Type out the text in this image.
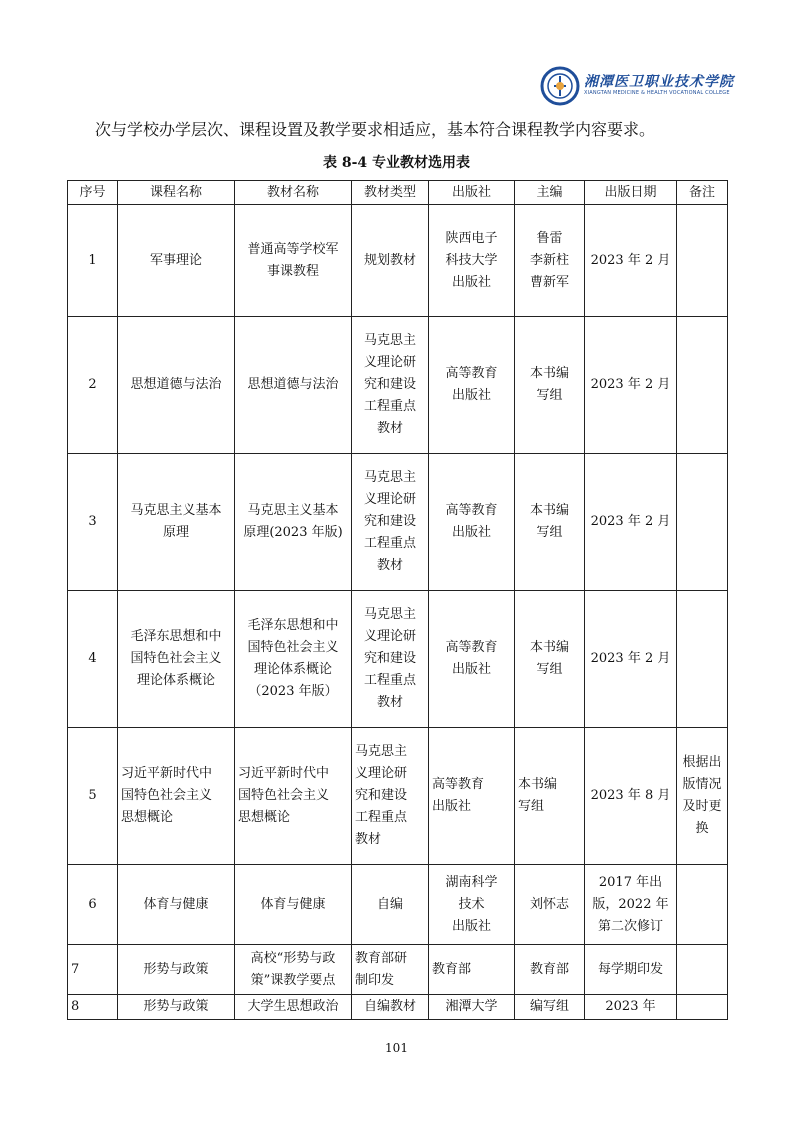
湘潭医卫职业技术学院
XIANGTAN MEDICINE & HEALTH VOCATIONAL COLLEGE
次与学校办学层次、课程设置及教学要求相适应，基本符合课程教学内容要求。
表 8-4 专业教材选用表
序号	课程名称	教材名称	教材类型	出版社	主编	出版日期	备注
1	军事理论	普通高等学校军
事课教程	规划教材	陕西电子
科技大学
出版社	鲁雷
李新柱
曹新军	2023 年 2 月	

2	思想道德与法治	思想道德与法治	马克思主
义理论研
究和建设
工程重点
教材	高等教育
出版社	本书编
写组	2023 年 2 月	

3	马克思主义基本
原理	马克思主义基本
原理(2023 年版)	马克思主
义理论研
究和建设
工程重点
教材	高等教育
出版社	本书编
写组	2023 年 2 月	

4	毛泽东思想和中
国特色社会主义
理论体系概论	毛泽东思想和中
国特色社会主义
理论体系概论
（2023 年版）	马克思主
义理论研
究和建设
工程重点
教材	高等教育
出版社	本书编
写组	2023 年 2 月	

5	习近平新时代中
国特色社会主义
思想概论	习近平新时代中
国特色社会主义
思想概论	马克思主
义理论研
究和建设
工程重点
教材	高等教育
出版社	本书编
写组	2023 年 8 月	根据出
版情况
及时更
换

6	体育与健康	体育与健康	自编	湖南科学
技术
出版社	刘怀志	2017 年出
版，2022 年
第二次修订	

7	形势与政策	高校“形势与政
策”课教学要点	教育部研
制印发	教育部	教育部	每学期印发	

8	形势与政策	大学生思想政治	自编教材	湘潭大学	编写组	2023 年	

101
